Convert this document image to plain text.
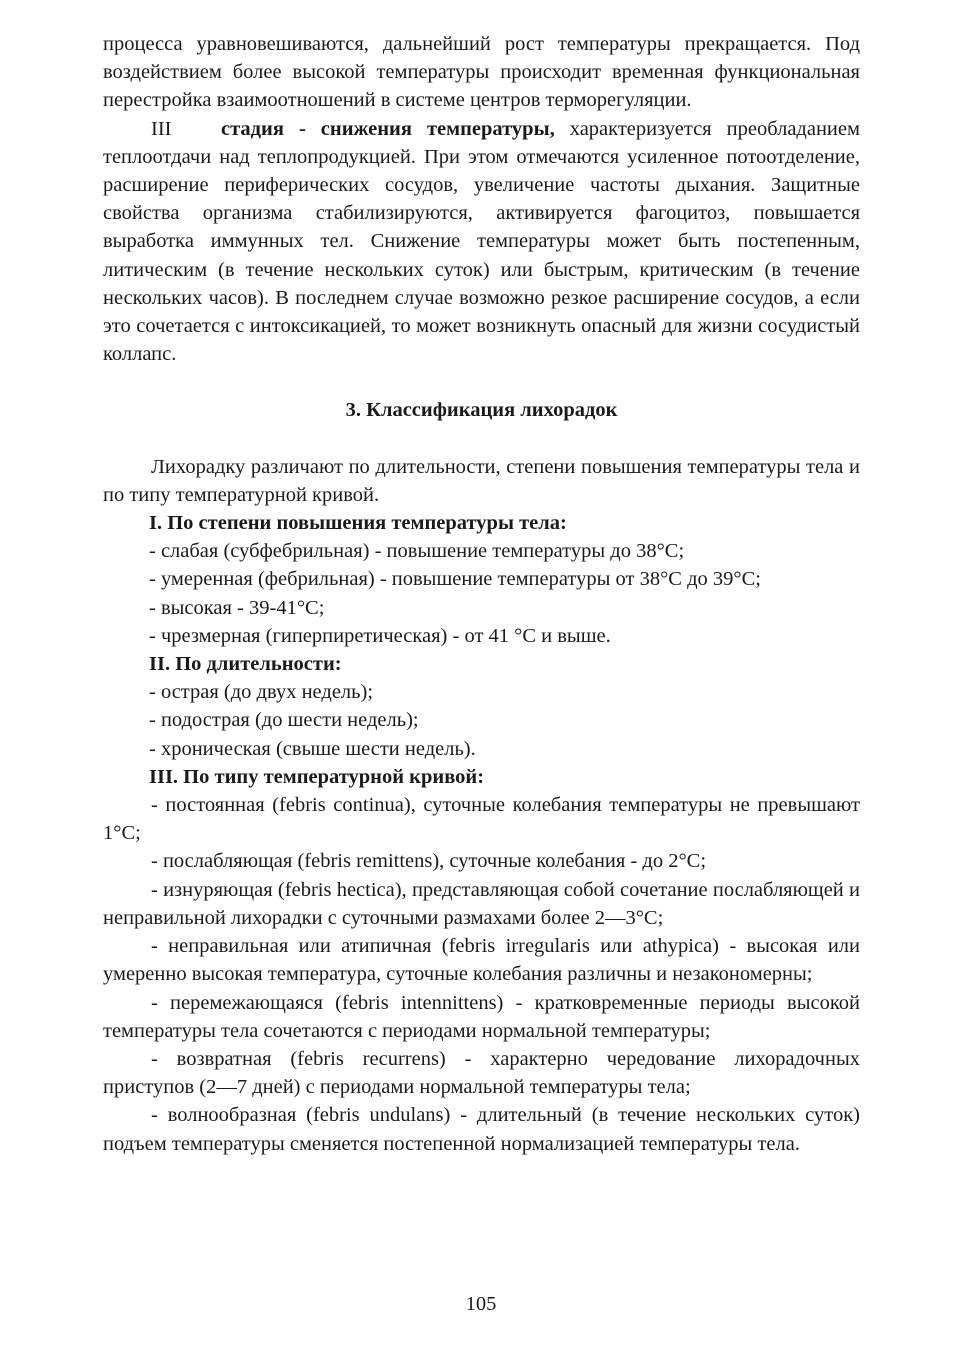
процесса уравновешиваются, дальнейший рост температуры прекращается. Под воздействием более высокой температуры происходит временная функциональная перестройка взаимоотношений в системе центров терморегуляции.

III стадия - снижения температуры, характеризуется преобладанием теплоотдачи над теплопродукцией. При этом отмечаются усиленное потоотделение, расширение периферических сосудов, увеличение частоты дыхания. Защитные свойства организма стабилизируются, активируется фагоцитоз, повышается выработка иммунных тел. Снижение температуры может быть постепенным, литическим (в течение нескольких суток) или быстрым, критическим (в течение нескольких часов). В последнем случае возможно резкое расширение сосудов, а если это сочетается с интоксикацией, то может возникнуть опасный для жизни сосудистый коллапс.

3. Классификация лихорадок

Лихорадку различают по длительности, степени повышения температуры тела и по типу температурной кривой.

I. По степени повышения температуры тела:

- слабая (субфебрильная) - повышение температуры до 38°С;

- умеренная (фебрильная) - повышение температуры от 38°С до 39°С;

- высокая - 39-41°С;

- чрезмерная (гиперпиретическая) - от 41 °С и выше.

II. По длительности:

- острая (до двух недель);

- подострая (до шести недель);

- хроническая (свыше шести недель).

III. По типу температурной кривой:

- постоянная (febris continua), суточные колебания температуры не превышают 1°С;

- послабляющая (febris remittens), суточные колебания - до 2°С;

- изнуряющая (febris hectica), представляющая собой сочетание послабляющей и неправильной лихорадки с суточными размахами более 2—3°С;

- неправильная или атипичная (febris irregularis или athypica) - высокая или умеренно высокая температура, суточные колебания различны и незакономерны;

- перемежающаяся (febris intennittens) - кратковременные периоды высокой температуры тела сочетаются с периодами нормальной температуры;

- возвратная (febris recurrens) - характерно чередование лихорадочных приступов (2—7 дней) с периодами нормальной температуры тела;

- волнообразная (febris undulans) - длительный (в течение нескольких суток) подъем температуры сменяется постепенной нормализацией температуры тела.

105
